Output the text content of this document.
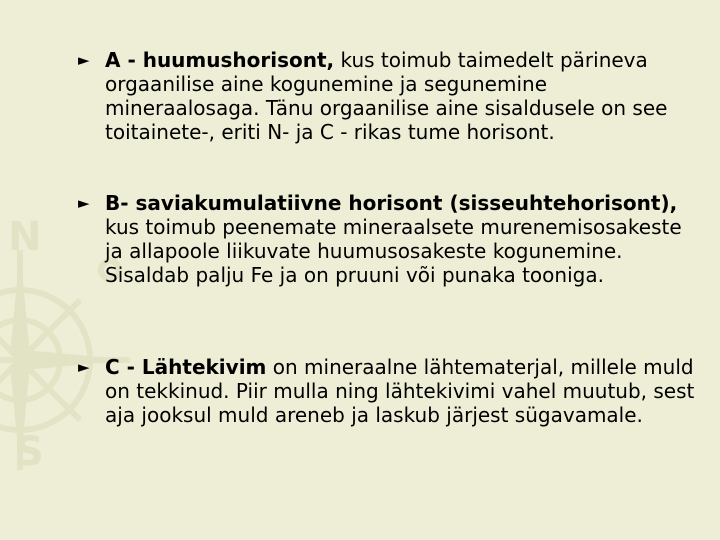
N
S
► A - huumushorisont, kus toimub taimedelt pärineva orgaanilise aine kogunemine ja segunemine mineraalosaga. Tänu orgaanilise aine sisaldusele on see toitainete-, eriti N- ja C - rikas tume horisont.
► B- saviakumulatiivne horisont (sisseuhtehorisont), kus toimub peenemate mineraalsete murenemisosakeste ja allapoole liikuvate huumusosakeste kogunemine. Sisaldab palju Fe ja on pruuni või punaka tooniga.
► C - Lähtekivim on mineraalne lähtematerjal, millele muld on tekkinud. Piir mulla ning lähtekivimi vahel muutub, sest aja jooksul muld areneb ja laskub järjest sügavamale.
